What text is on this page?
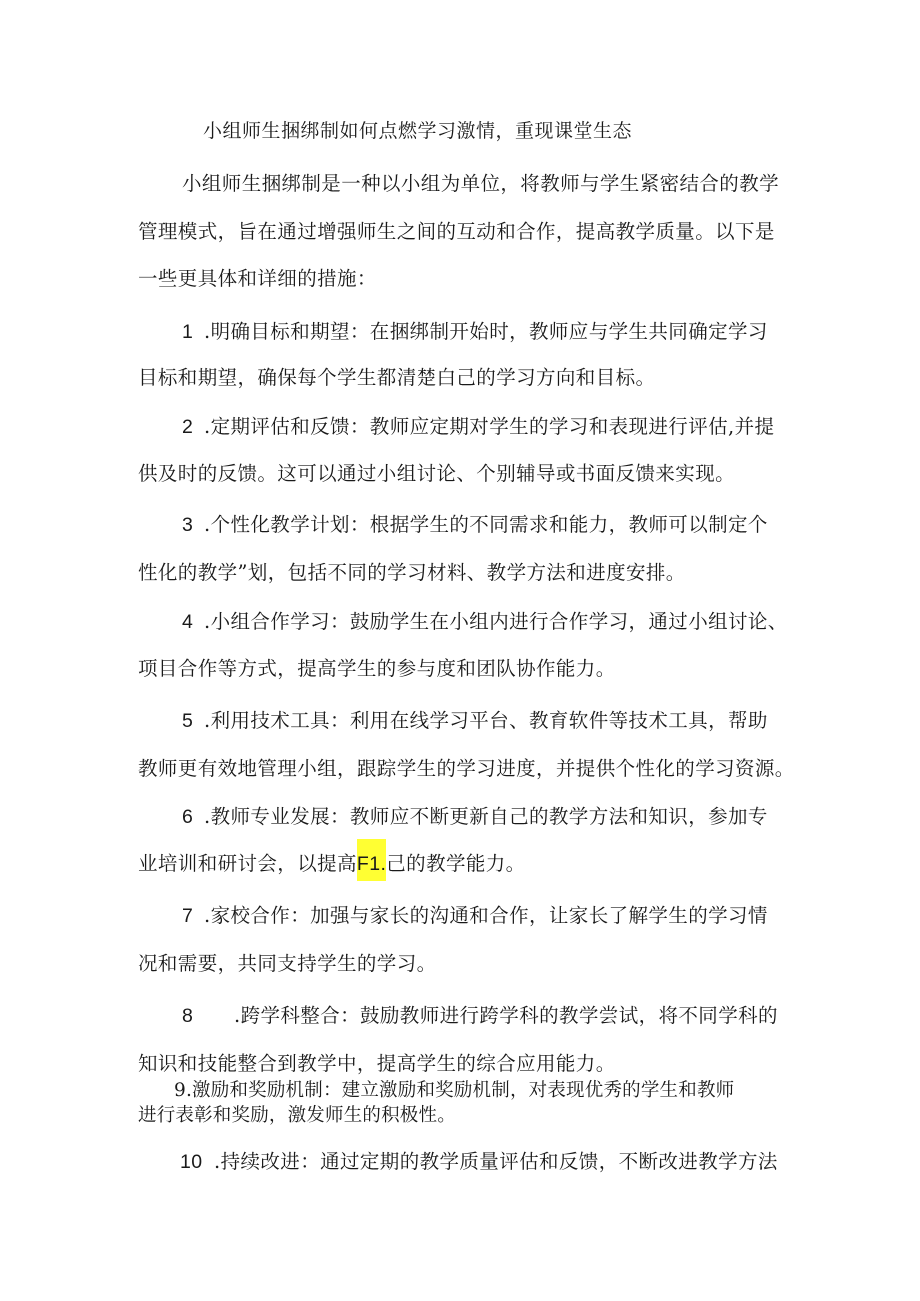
小组师生捆绑制如何点燃学习激情，重现课堂生态
小组师生捆绑制是一种以小组为单位，将教师与学生紧密结合的教学
管理模式，旨在通过增强师生之间的互动和合作，提高教学质量。以下是
一些更具体和详细的措施：
1 .明确目标和期望：在捆绑制开始时，教师应与学生共同确定学习
目标和期望，确保每个学生都清楚白己的学习方向和目标。
2 .定期评估和反馈：教师应定期对学生的学习和表现进行评估,并提
供及时的反馈。这可以通过小组讨论、个别辅导或书面反馈来实现。
3 .个性化教学计划：根据学生的不同需求和能力，教师可以制定个
性化的教学”划，包括不同的学习材料、教学方法和进度安排。
4 .小组合作学习：鼓励学生在小组内进行合作学习，通过小组讨论、
项目合作等方式，提高学生的参与度和团队协作能力。
5 .利用技术工具：利用在线学习平台、教育软件等技术工具，帮助
教师更有效地管理小组，跟踪学生的学习进度，并提供个性化的学习资源。
6 .教师专业发展：教师应不断更新自己的教学方法和知识，参加专
业培训和研讨会，以提高F1.己的教学能力。
7 .家校合作：加强与家长的沟通和合作，让家长了解学生的学习情
况和需要，共同支持学生的学习。
8 .跨学科整合：鼓励教师进行跨学科的教学尝试，将不同学科的
知识和技能整合到教学中，提高学生的综合应用能力。
9.激励和奖励机制：建立激励和奖励机制，对表现优秀的学生和教师
进行表彰和奖励，激发师生的积极性。
10 .持续改进：通过定期的教学质量评估和反馈，不断改进教学方法
